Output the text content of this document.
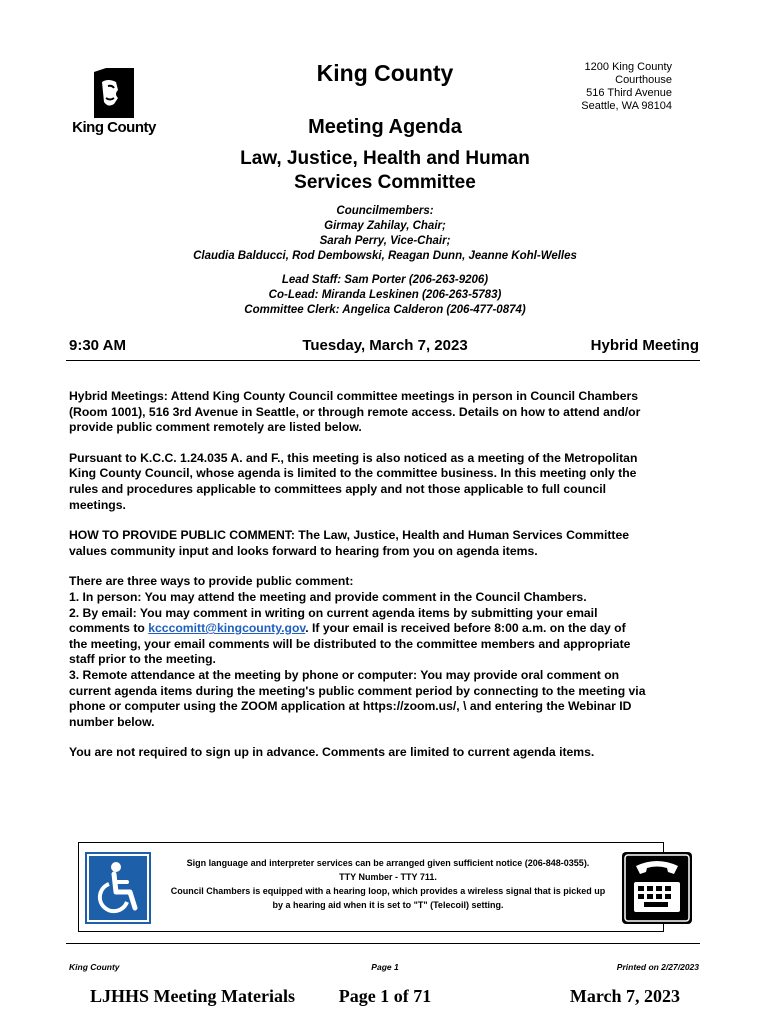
King County
King County	1200 King County
Courthouse
516 Third Avenue
Seattle, WA 98104
Meeting Agenda
Law, Justice, Health and Human
Services Committee
Councilmembers:
Girmay Zahilay, Chair;
Sarah Perry, Vice-Chair;
Claudia Balducci, Rod Dembowski, Reagan Dunn, Jeanne Kohl-Welles
Lead Staff: Sam Porter (206-263-9206)
Co-Lead: Miranda Leskinen (206-263-5783)
Committee Clerk: Angelica Calderon (206-477-0874)
9:30 AM	Tuesday, March 7, 2023	Hybrid Meeting

Hybrid Meetings: Attend King County Council committee meetings in person in Council Chambers
(Room 1001), 516 3rd Avenue in Seattle, or through remote access. Details on how to attend and/or
provide public comment remotely are listed below.

Pursuant to K.C.C. 1.24.035 A. and F., this meeting is also noticed as a meeting of the Metropolitan
King County Council, whose agenda is limited to the committee business. In this meeting only the
rules and procedures applicable to committees apply and not those applicable to full council
meetings.

HOW TO PROVIDE PUBLIC COMMENT: The Law, Justice, Health and Human Services Committee
values community input and looks forward to hearing from you on agenda items.

There are three ways to provide public comment:
1. In person: You may attend the meeting and provide comment in the Council Chambers.
2. By email: You may comment in writing on current agenda items by submitting your email
comments to kcccomitt@kingcounty.gov. If your email is received before 8:00 a.m. on the day of
the meeting, your email comments will be distributed to the committee members and appropriate
staff prior to the meeting.
3. Remote attendance at the meeting by phone or computer: You may provide oral comment on
current agenda items during the meeting's public comment period by connecting to the meeting via
phone or computer using the ZOOM application at https://zoom.us/, \ and entering the Webinar ID
number below.

You are not required to sign up in advance. Comments are limited to current agenda items.

Sign language and interpreter services can be arranged given sufficient notice (206-848-0355).
TTY Number - TTY 711.
Council Chambers is equipped with a hearing loop, which provides a wireless signal that is picked up
by a hearing aid when it is set to "T" (Telecoil) setting.
King County	Page 1	Printed on 2/27/2023
LJHHS Meeting Materials	Page 1 of 71	March 7, 2023
